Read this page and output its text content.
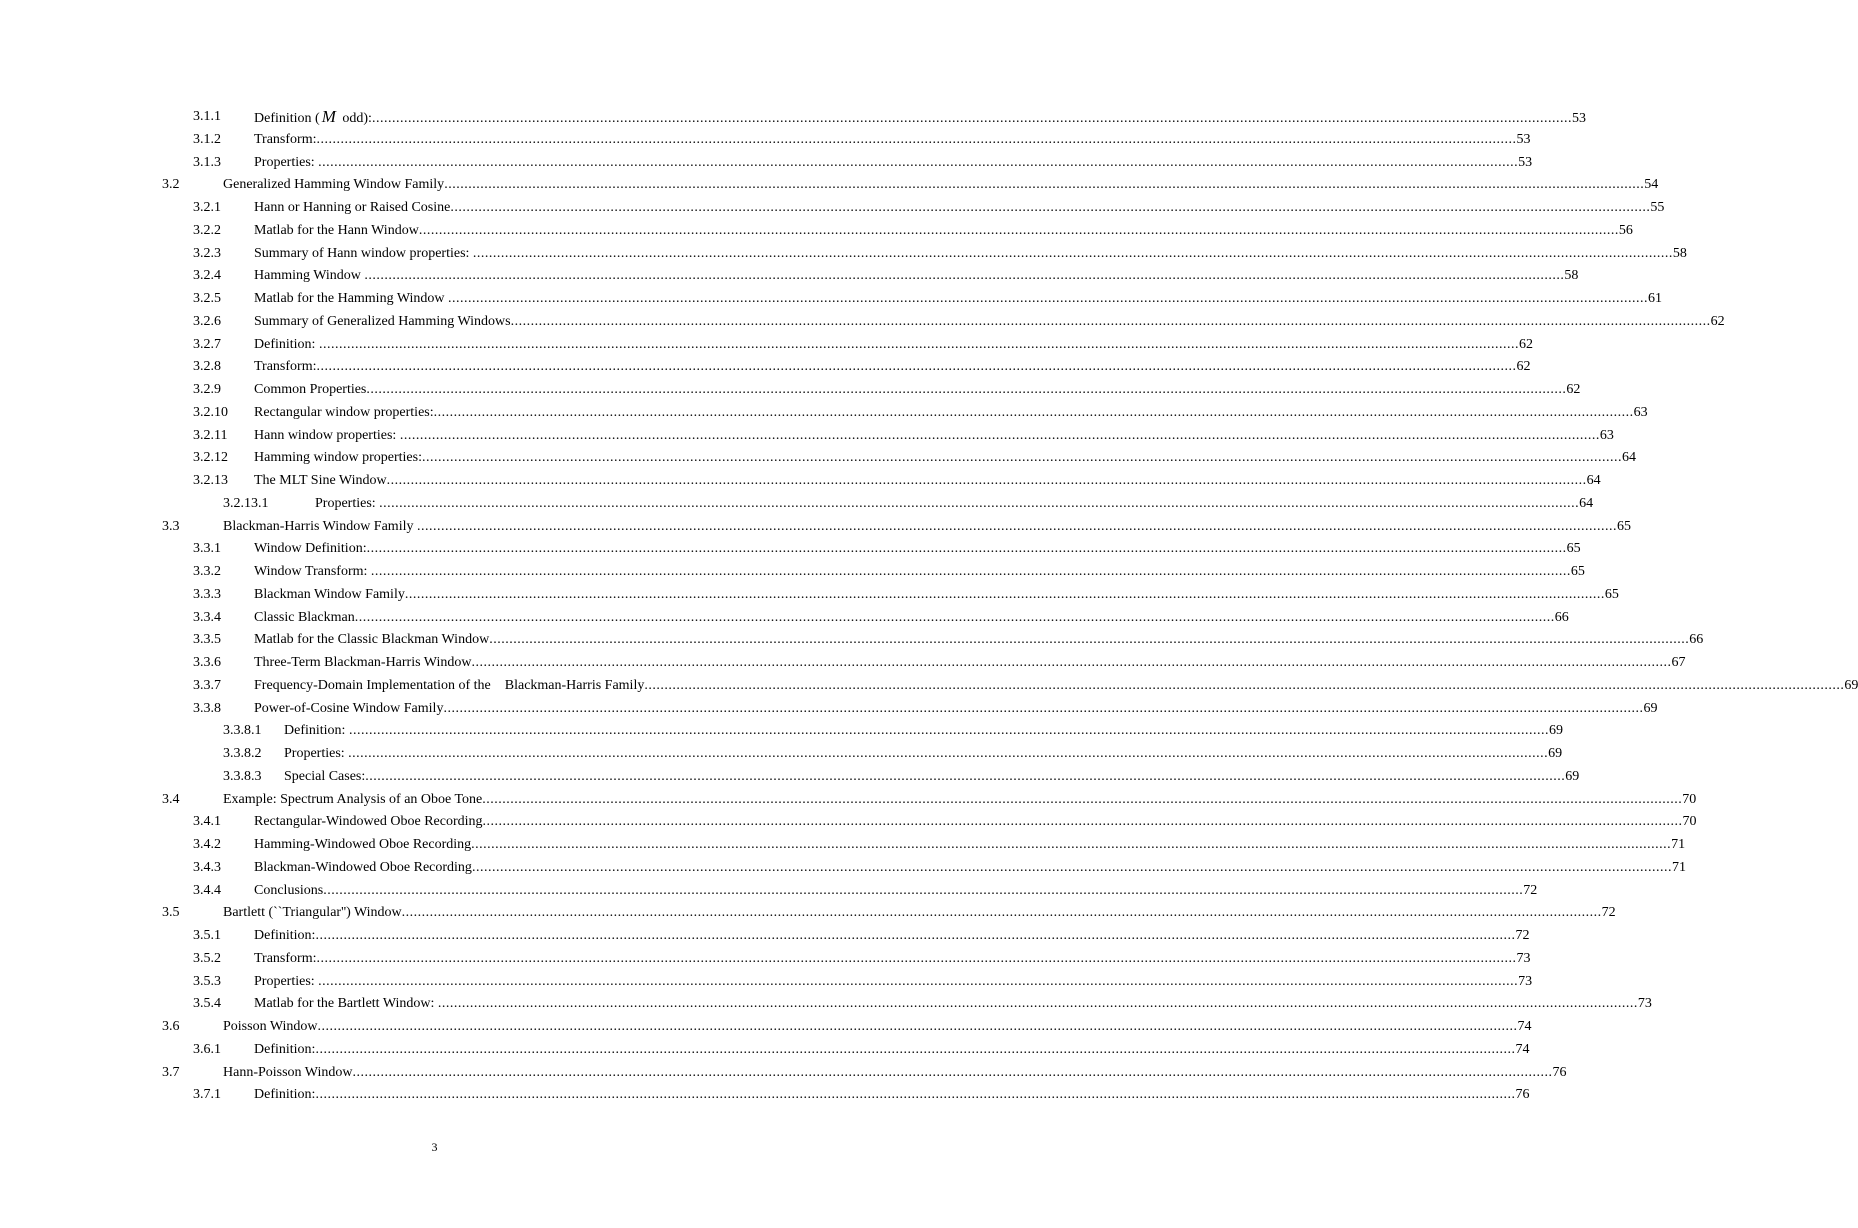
3.1.1 Definition ( M odd): ............................................................................................................................................................................................................................................................................................................ 53
3.1.2 Transform: ............................................................................................................................................................................................................................................................................................................ 53
3.1.3 Properties: ............................................................................................................................................................................................................................................................................................................ 53
3.2	Generalized Hamming Window Family ............................................................................................................................................................................................................................................................................................................ 54
3.2.1 Hann or Hanning or Raised Cosine ............................................................................................................................................................................................................................................................................................................ 55
3.2.2 Matlab for the Hann Window ............................................................................................................................................................................................................................................................................................................ 56
3.2.3 Summary of Hann window properties: ............................................................................................................................................................................................................................................................................................................ 58
3.2.4 Hamming Window ............................................................................................................................................................................................................................................................................................................ 58
3.2.5 Matlab for the Hamming Window ............................................................................................................................................................................................................................................................................................................ 61
3.2.6 Summary of Generalized Hamming Windows ............................................................................................................................................................................................................................................................................................................ 62
3.2.7 Definition: ............................................................................................................................................................................................................................................................................................................ 62
3.2.8 Transform: ............................................................................................................................................................................................................................................................................................................ 62
3.2.9 Common Properties ............................................................................................................................................................................................................................................................................................................ 62
3.2.10 Rectangular window properties: ............................................................................................................................................................................................................................................................................................................ 63
3.2.11 Hann window properties: ............................................................................................................................................................................................................................................................................................................ 63
3.2.12 Hamming window properties: ............................................................................................................................................................................................................................................................................................................ 64
3.2.13 The MLT Sine Window ............................................................................................................................................................................................................................................................................................................ 64
3.2.13.1	Properties: ............................................................................................................................................................................................................................................................................................................ 64
3.3	Blackman-Harris Window Family ............................................................................................................................................................................................................................................................................................................ 65
3.3.1 Window Definition: ............................................................................................................................................................................................................................................................................................................ 65
3.3.2 Window Transform: ............................................................................................................................................................................................................................................................................................................ 65
3.3.3 Blackman Window Family ............................................................................................................................................................................................................................................................................................................ 65
3.3.4 Classic Blackman ............................................................................................................................................................................................................................................................................................................ 66
3.3.5 Matlab for the Classic Blackman Window ............................................................................................................................................................................................................................................................................................................ 66
3.3.6 Three-Term Blackman-Harris Window ............................................................................................................................................................................................................................................................................................................ 67
3.3.7 Frequency-Domain Implementation of the    Blackman-Harris Family ............................................................................................................................................................................................................................................................................................................ 69
3.3.8 Power-of-Cosine Window Family ............................................................................................................................................................................................................................................................................................................ 69
3.3.8.1 Definition: ............................................................................................................................................................................................................................................................................................................ 69
3.3.8.2 Properties: ............................................................................................................................................................................................................................................................................................................ 69
3.3.8.3 Special Cases: ............................................................................................................................................................................................................................................................................................................ 69
3.4	Example: Spectrum Analysis of an Oboe Tone ............................................................................................................................................................................................................................................................................................................ 70
3.4.1 Rectangular-Windowed Oboe Recording ............................................................................................................................................................................................................................................................................................................ 70
3.4.2 Hamming-Windowed Oboe Recording ............................................................................................................................................................................................................................................................................................................ 71
3.4.3 Blackman-Windowed Oboe Recording ............................................................................................................................................................................................................................................................................................................ 71
3.4.4 Conclusions ............................................................................................................................................................................................................................................................................................................ 72
3.5	Bartlett (``Triangular'') Window ............................................................................................................................................................................................................................................................................................................ 72
3.5.1 Definition: ............................................................................................................................................................................................................................................................................................................ 72
3.5.2 Transform: ............................................................................................................................................................................................................................................................................................................ 73
3.5.3 Properties: ............................................................................................................................................................................................................................................................................................................ 73
3.5.4 Matlab for the Bartlett Window: ............................................................................................................................................................................................................................................................................................................ 73
3.6	Poisson Window ............................................................................................................................................................................................................................................................................................................ 74
3.6.1 Definition: ............................................................................................................................................................................................................................................................................................................ 74
3.7	Hann-Poisson Window ............................................................................................................................................................................................................................................................................................................ 76
3.7.1 Definition: ............................................................................................................................................................................................................................................................................................................ 76
3
